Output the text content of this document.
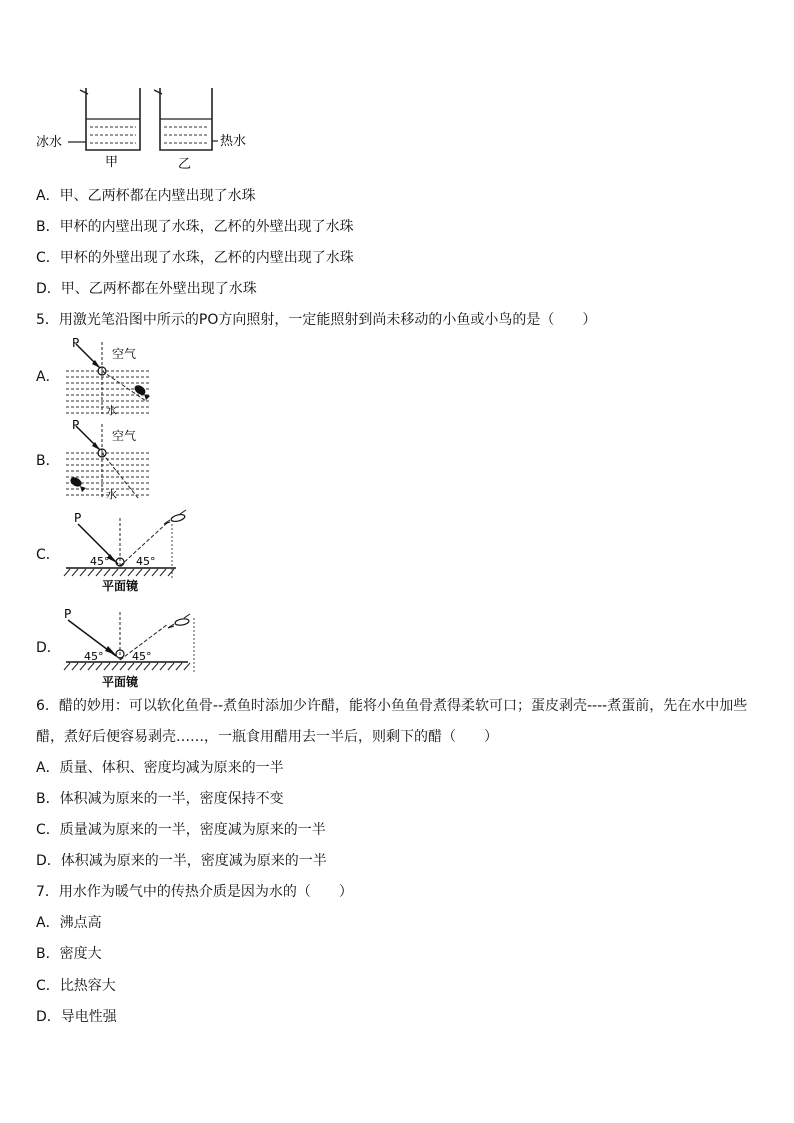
冰水	热水
甲	乙
A．甲、乙两杯都在内壁出现了水珠
B．甲杯的内壁出现了水珠，乙杯的外壁出现了水珠
C．甲杯的外壁出现了水珠，乙杯的内壁出现了水珠
D．甲、乙两杯都在外壁出现了水珠
5．用激光笔沿图中所示的PO方向照射，一定能照射到尚未移动的小鱼或小鸟的是（　　）
A．
P
空气
水
B．
P
空气
水
C．
P
45° 45°
平面镜
D．
P
45°	45°
平面镜
6．醋的妙用：可以软化鱼骨--煮鱼时添加少许醋，能将小鱼鱼骨煮得柔软可口；蛋皮剥壳----煮蛋前，先在水中加些
醋，煮好后便容易剥壳……，一瓶食用醋用去一半后，则剩下的醋（　　）
A．质量、体积、密度均减为原来的一半
B．体积减为原来的一半，密度保持不变
C．质量减为原来的一半，密度减为原来的一半
D．体积减为原来的一半，密度减为原来的一半
7．用水作为暖气中的传热介质是因为水的（　　）
A．沸点高
B．密度大
C．比热容大
D．导电性强
